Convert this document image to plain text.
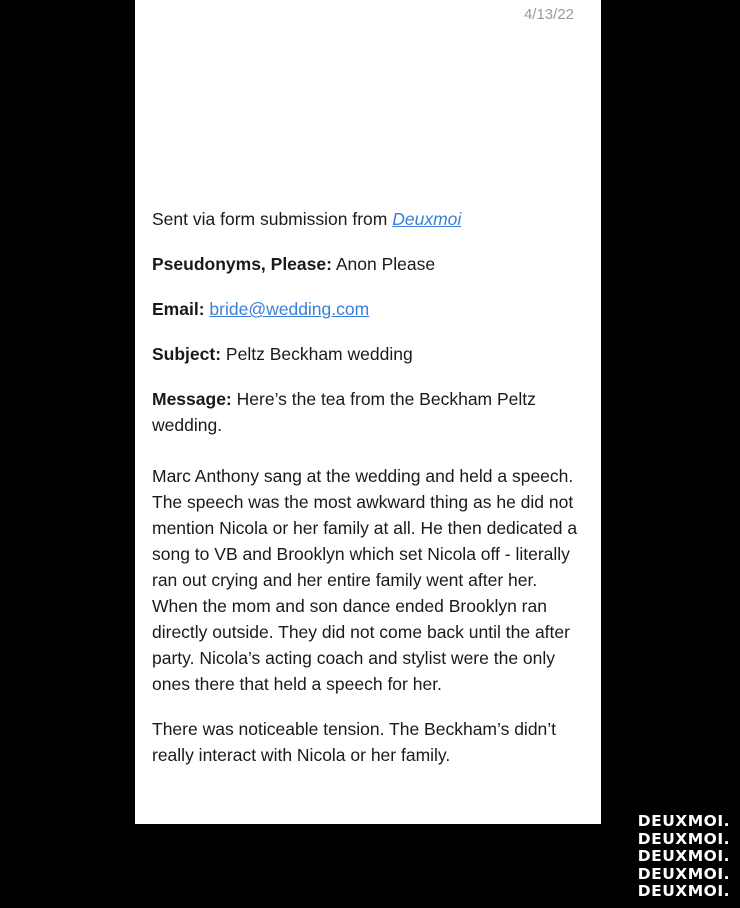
4/13/22
Sent via form submission from Deuxmoi
Pseudonyms, Please: Anon Please
Email: bride@wedding.com
Subject: Peltz Beckham wedding
Message: Here’s the tea from the Beckham Peltz wedding.

Marc Anthony sang at the wedding and held a speech. The speech was the most awkward thing as he did not mention Nicola or her family at all. He then dedicated a song to VB and Brooklyn which set Nicola off - literally ran out crying and her entire family went after her. When the mom and son dance ended Brooklyn ran directly outside. They did not come back until the after party. Nicola’s acting coach and stylist were the only ones there that held a speech for her.

There was noticeable tension. The Beckham’s didn’t really interact with Nicola or her family.

DEUXMOI.
DEUXMOI.
DEUXMOI.
DEUXMOI.
DEUXMOI.
